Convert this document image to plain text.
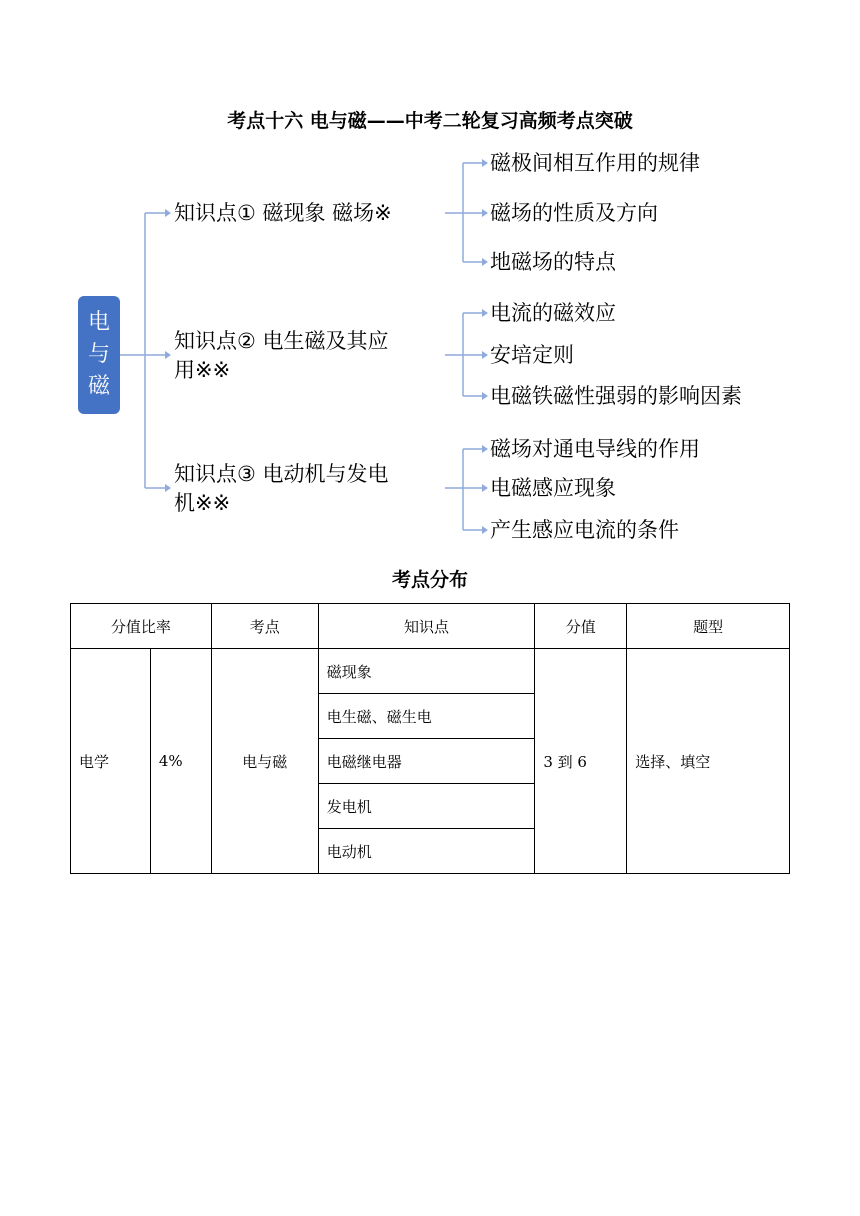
考点十六 电与磁——中考二轮复习高频考点突破
电
与
磁
知识点① 磁现象 磁场※
磁极间相互作用的规律
磁场的性质及方向
地磁场的特点
知识点② 电生磁及其应
用※※
电流的磁效应
安培定则
电磁铁磁性强弱的影响因素
知识点③ 电动机与发电
机※※
磁场对通电导线的作用
电磁感应现象
产生感应电流的条件
考点分布
分值比率		考点	知识点	分值	题型
电学	4%	电与磁	磁现象	3 到 6	选择、填空
			电生磁、磁生电		
			电磁继电器		
			发电机		
			电动机		
